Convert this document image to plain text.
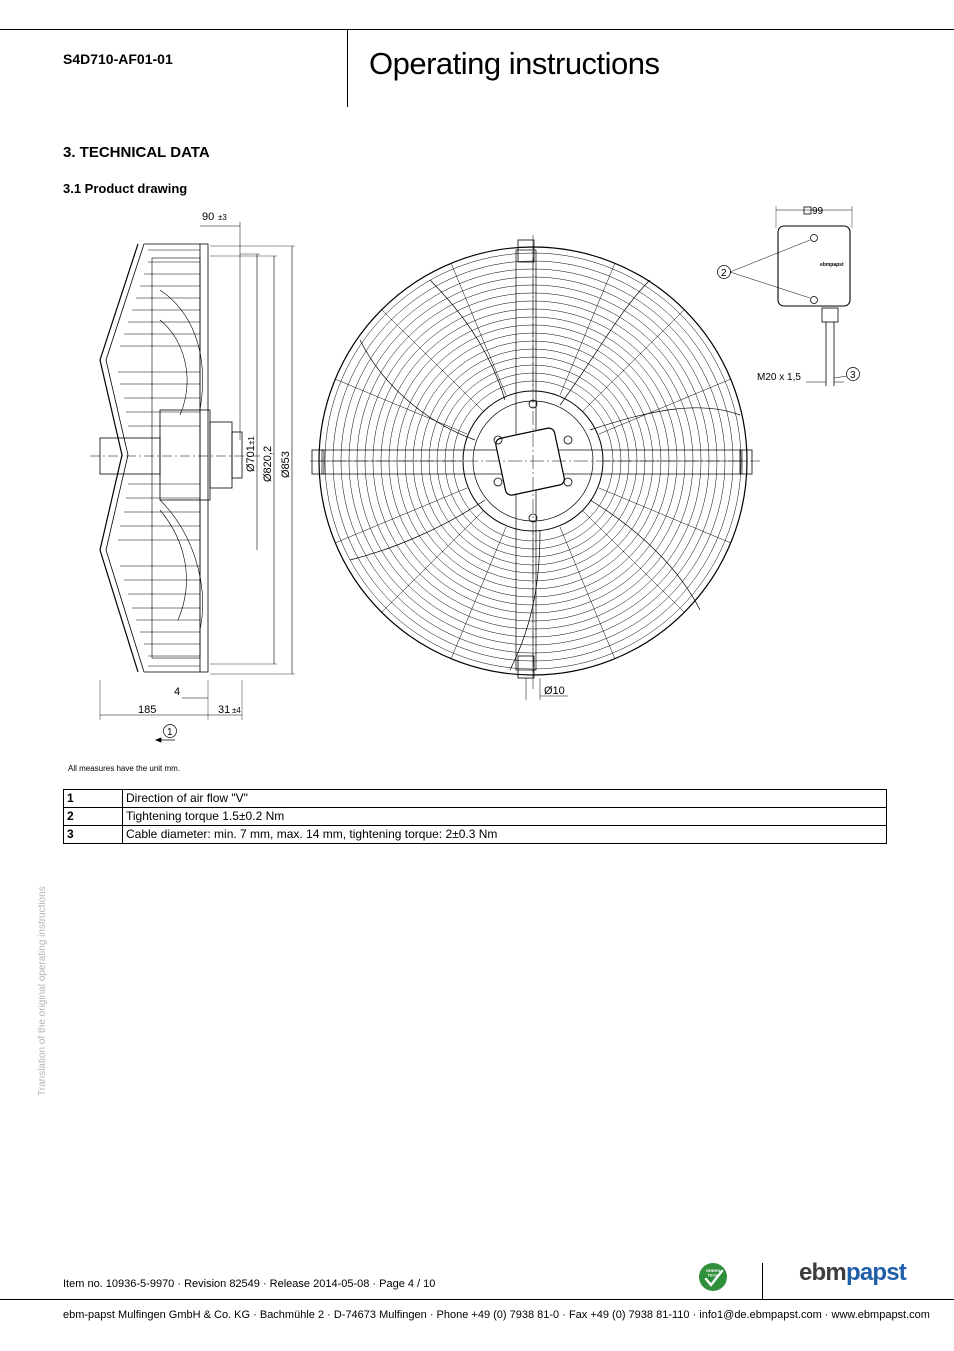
S4D710-AF01-01	Operating instructions
3. TECHNICAL DATA
3.1 Product drawing
90 ±3
4
185	31 ±4
1
Ø701
±1
Ø820,2 Ø853
Ø10
ebmpapst
99
2
M20 x 1,5	3
All measures have the unit mm.
1	Direction of air flow "V"
2	Tightening torque 1.5±0.2 Nm
3	Cable diameter: min. 7 mm, max. 14 mm, tightening torque: 2±0.3 Nm
Translation of the original operating instructions
Item no. 10936-5-9970 · Revision 82549 · Release 2014-05-08 · Page 4 / 10
GREEN
TECH	ebmpapst
ebm-papst Mulfingen GmbH & Co. KG · Bachmühle 2 · D-74673 Mulfingen · Phone +49 (0) 7938 81-0 · Fax +49 (0) 7938 81-110 · info1@de.ebmpapst.com · www.ebmpapst.com
